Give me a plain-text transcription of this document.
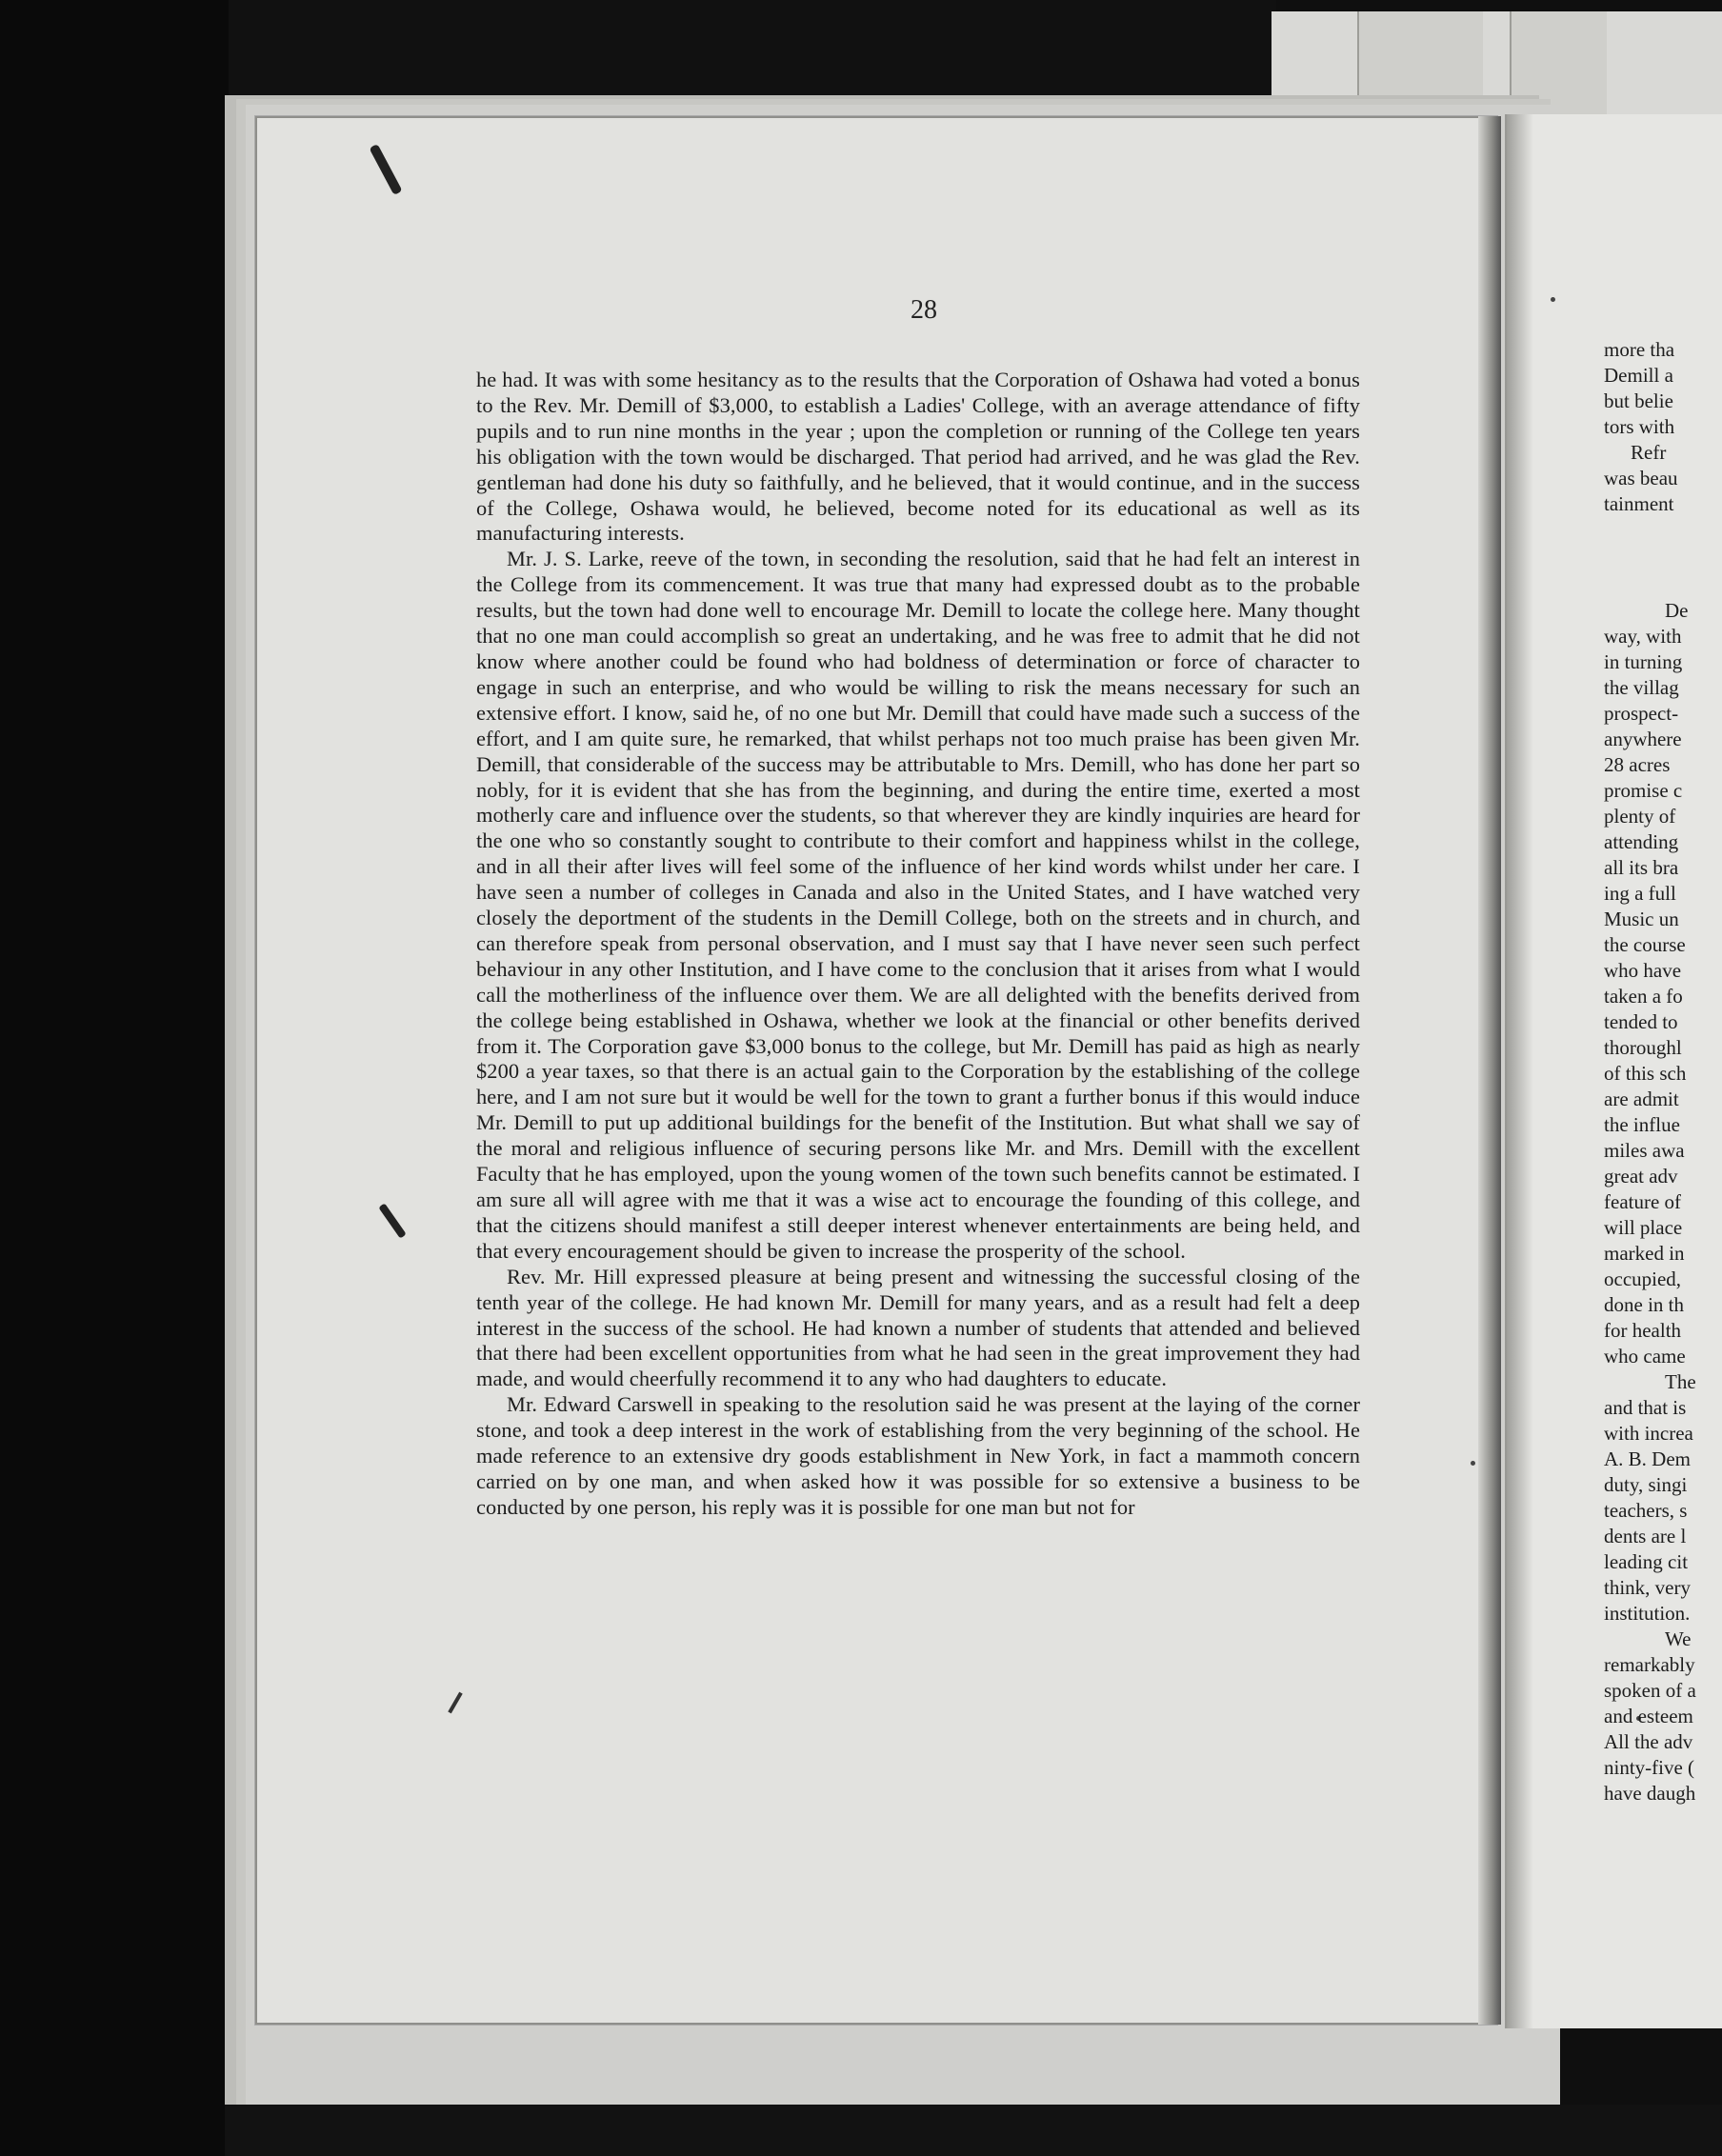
28

he had. It was with some hesitancy as to the results that the Corporation of Oshawa had voted a bonus to the Rev. Mr. Demill of $3,000, to establish a Ladies' College, with an average attendance of fifty pupils and to run nine months in the year ; upon the completion or running of the College ten years his obligation with the town would be discharged. That period had arrived, and he was glad the Rev. gentleman had done his duty so faithfully, and he believed, that it would continue, and in the success of the College, Oshawa would, he believed, become noted for its educational as well as its manufacturing interests.

Mr. J. S. Larke, reeve of the town, in seconding the resolution, said that he had felt an interest in the College from its commencement. It was true that many had expressed doubt as to the probable results, but the town had done well to encourage Mr. Demill to locate the college here. Many thought that no one man could accomplish so great an undertaking, and he was free to admit that he did not know where another could be found who had boldness of determination or force of character to engage in such an enterprise, and who would be willing to risk the means necessary for such an extensive effort. I know, said he, of no one but Mr. Demill that could have made such a success of the effort, and I am quite sure, he remarked, that whilst perhaps not too much praise has been given Mr. Demill, that considerable of the success may be attributable to Mrs. Demill, who has done her part so nobly, for it is evident that she has from the beginning, and during the entire time, exerted a most motherly care and influence over the students, so that wherever they are kindly inquiries are heard for the one who so constantly sought to contribute to their comfort and happiness whilst in the college, and in all their after lives will feel some of the influence of her kind words whilst under her care. I have seen a number of colleges in Canada and also in the United States, and I have watched very closely the deportment of the students in the Demill College, both on the streets and in church, and can therefore speak from personal observation, and I must say that I have never seen such perfect behaviour in any other Institution, and I have come to the conclusion that it arises from what I would call the motherliness of the influence over them. We are all delighted with the benefits derived from the college being established in Oshawa, whether we look at the financial or other benefits derived from it. The Corporation gave $3,000 bonus to the college, but Mr. Demill has paid as high as nearly $200 a year taxes, so that there is an actual gain to the Corporation by the establishing of the college here, and I am not sure but it would be well for the town to grant a further bonus if this would induce Mr. Demill to put up additional buildings for the benefit of the Institution. But what shall we say of the moral and religious influence of securing persons like Mr. and Mrs. Demill with the excellent Faculty that he has employed, upon the young women of the town such benefits cannot be estimated. I am sure all will agree with me that it was a wise act to encourage the founding of this college, and that the citizens should manifest a still deeper interest whenever entertainments are being held, and that every encouragement should be given to increase the prosperity of the school.

Rev. Mr. Hill expressed pleasure at being present and witnessing the successful closing of the tenth year of the college. He had known Mr. Demill for many years, and as a result had felt a deep interest in the success of the school. He had known a number of students that attended and believed that there had been excellent opportunities from what he had seen in the great improvement they had made, and would cheerfully recommend it to any who had daughters to educate.

Mr. Edward Carswell in speaking to the resolution said he was present at the laying of the corner stone, and took a deep interest in the work of establishing from the very beginning of the school. He made reference to an extensive dry goods establishment in New York, in fact a mammoth concern carried on by one man, and when asked how it was possible for so extensive a business to be conducted by one person, his reply was it is possible for one man but not for

more tha
Demill a
but belie
tors with
Refr
was beau
tainment
De
way, with
in turning
the villag
prospect-
anywhere
28 acres
promise c
plenty of
attending
all its bra
ing a full
Music un
the course
who have
taken a fo
tended to
thoroughl
of this sch
are admit
the influe
miles awa
great adv
feature of
will place
marked in
occupied,
done in th
for health
who came
The
and that is
with increa
A. B. Dem
duty, singi
teachers, s
dents are l
leading cit
think, very
institution.
We
remarkably
spoken of a
and esteem
All the adv
ninty-five (
have daugh
